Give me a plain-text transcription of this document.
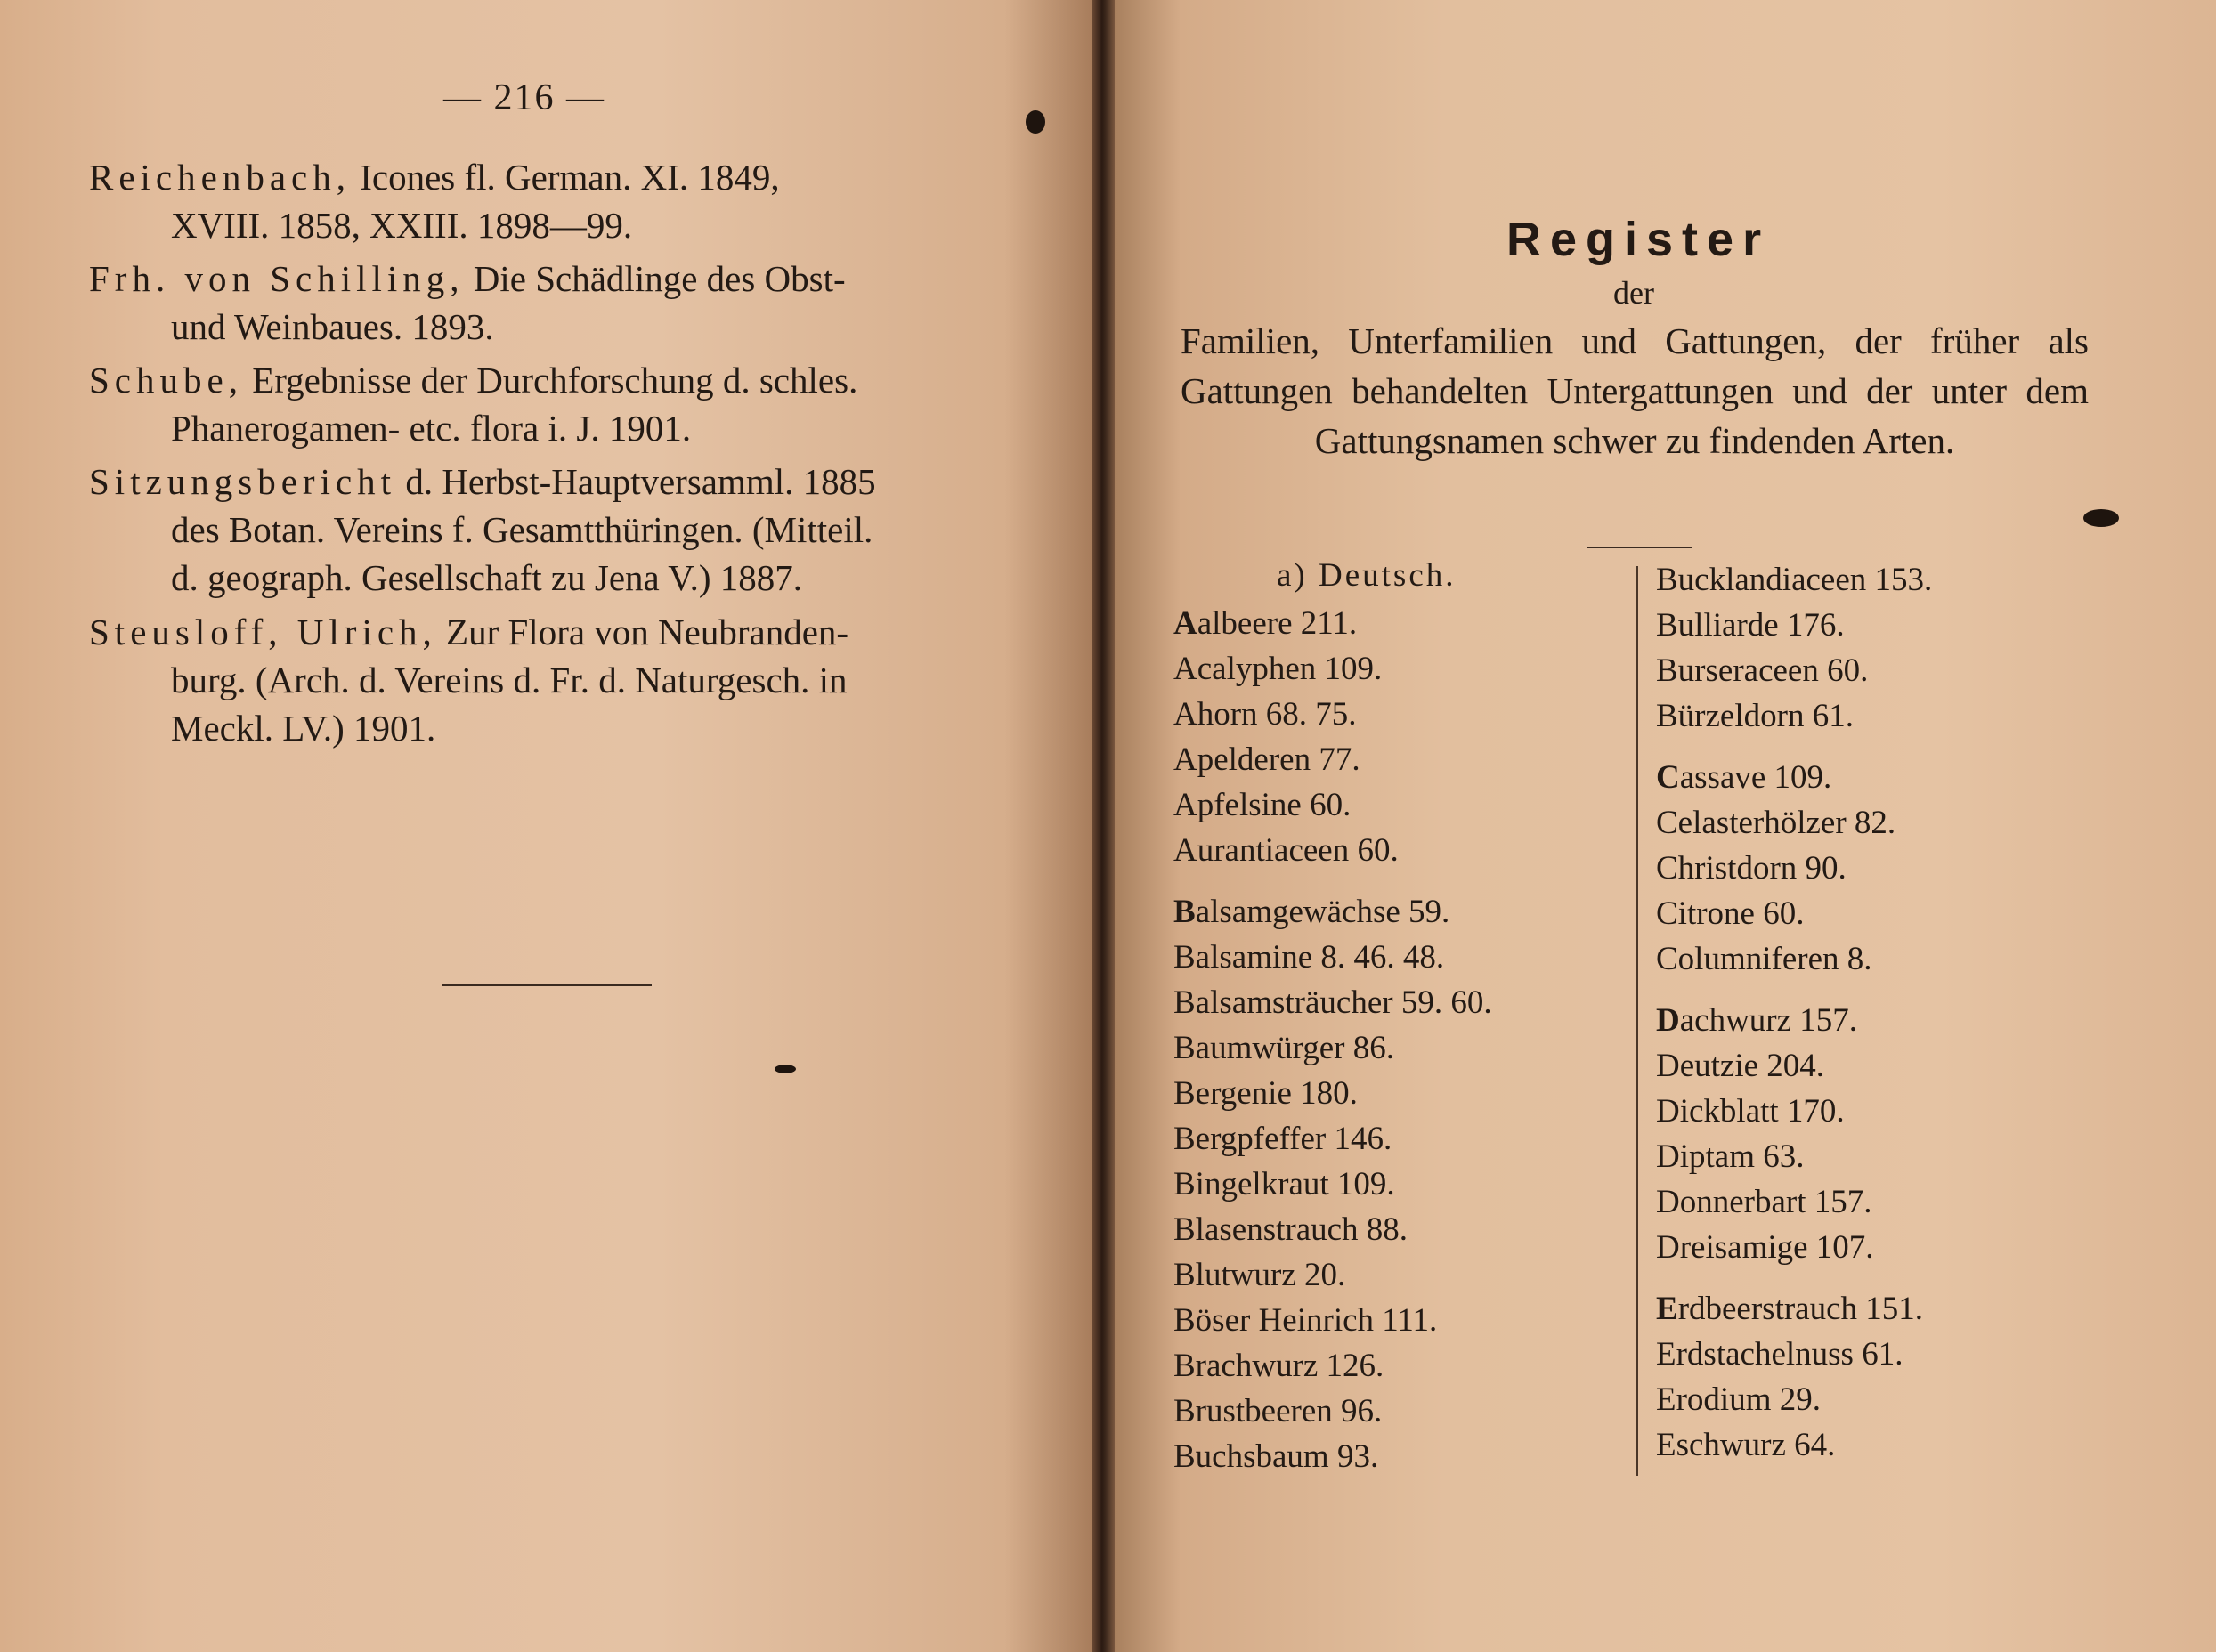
— 216 —
Reichenbach, Icones fl. German. XI. 1849,
XVIII. 1858, XXIII. 1898—99.
Frh. von Schilling, Die Schädlinge des Obst-
und Weinbaues. 1893.
Schube, Ergebnisse der Durchforschung d. schles.
Phanerogamen- etc. flora i. J. 1901.
Sitzungsbericht d. Herbst-Hauptversamml. 1885
des Botan. Vereins f. Gesamtthüringen. (Mitteil.
d. geograph. Gesellschaft zu Jena V.) 1887.
Steusloff, Ulrich, Zur Flora von Neubranden-
burg. (Arch. d. Vereins d. Fr. d. Naturgesch. in
Meckl. LV.) 1901.
Register
der
Familien, Unterfamilien und Gattungen, der früher als Gattungen behandelten Untergattungen und der unter dem Gattungsnamen schwer zu findenden Arten.
a) Deutsch.
Aalbeere 211.
Acalyphen 109.
Ahorn 68. 75.
Apelderen 77.
Apfelsine 60.
Aurantiaceen 60.
Balsamgewächse 59.
Balsamine 8. 46. 48.
Balsamsträucher 59. 60.
Baumwürger 86.
Bergenie 180.
Bergpfeffer 146.
Bingelkraut 109.
Blasenstrauch 88.
Blutwurz 20.
Böser Heinrich 111.
Brachwurz 126.
Brustbeeren 96.
Buchsbaum 93.
Bucklandiaceen 153.
Bulliarde 176.
Burseraceen 60.
Bürzeldorn 61.
Cassave 109.
Celasterhölzer 82.
Christdorn 90.
Citrone 60.
Columniferen 8.
Dachwurz 157.
Deutzie 204.
Dickblatt 170.
Diptam 63.
Donnerbart 157.
Dreisamige 107.
Erdbeerstrauch 151.
Erdstachelnuss 61.
Erodium 29.
Eschwurz 64.
